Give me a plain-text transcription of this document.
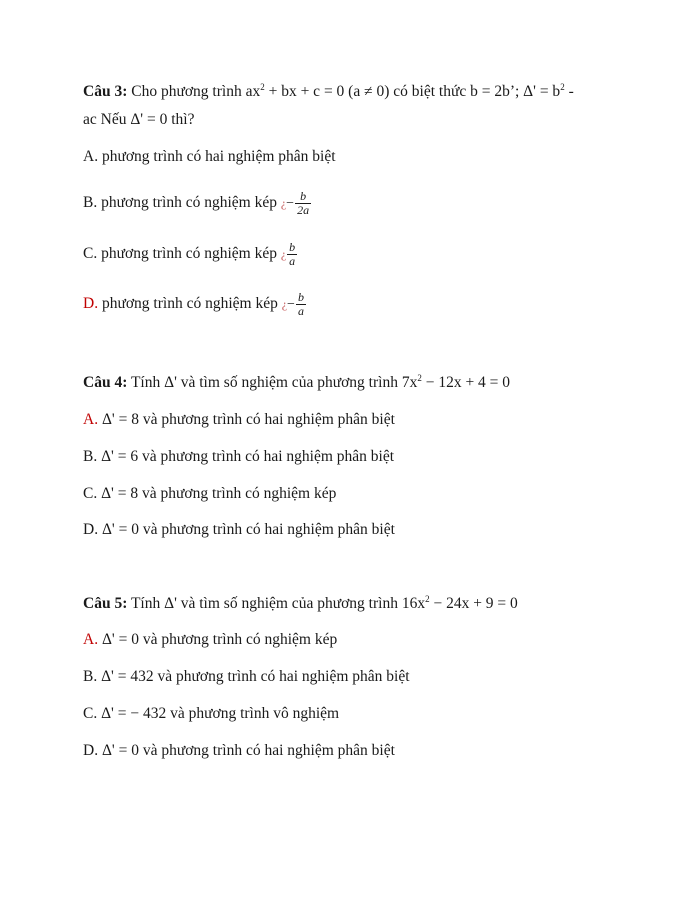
Câu 3: Cho phương trình $ax^2$ + bx + c = 0 (a ≠ 0) có biệt thức b = 2b’; $\Delta' = b^2$ -
ac Nếu Δ' = 0 thì?
A. phương trình có hai nghiệm phân biệt
B. phương trình có nghiệm kép ¿− $\frac{b}{2a}$
C. phương trình có nghiệm kép ¿ $\frac{b}{a}$
D. phương trình có nghiệm kép ¿− $\frac{b}{a}$
Câu 4: Tính Δ' và tìm số nghiệm của phương trình $7x^2 - 12x + 4 = 0$
A. Δ' = 8 và phương trình có hai nghiệm phân biệt
B. Δ' = 6 và phương trình có hai nghiệm phân biệt
C. Δ' = 8 và phương trình có nghiệm kép
D. Δ' = 0 và phương trình có hai nghiệm phân biệt
Câu 5: Tính Δ' và tìm số nghiệm của phương trình $16x^2 - 24x + 9 = 0$
A. Δ' = 0 và phương trình có nghiệm kép
B. Δ' = 432 và phương trình có hai nghiệm phân biệt
C. Δ' = − 432 và phương trình vô nghiệm
D. Δ' = 0 và phương trình có hai nghiệm phân biệt
